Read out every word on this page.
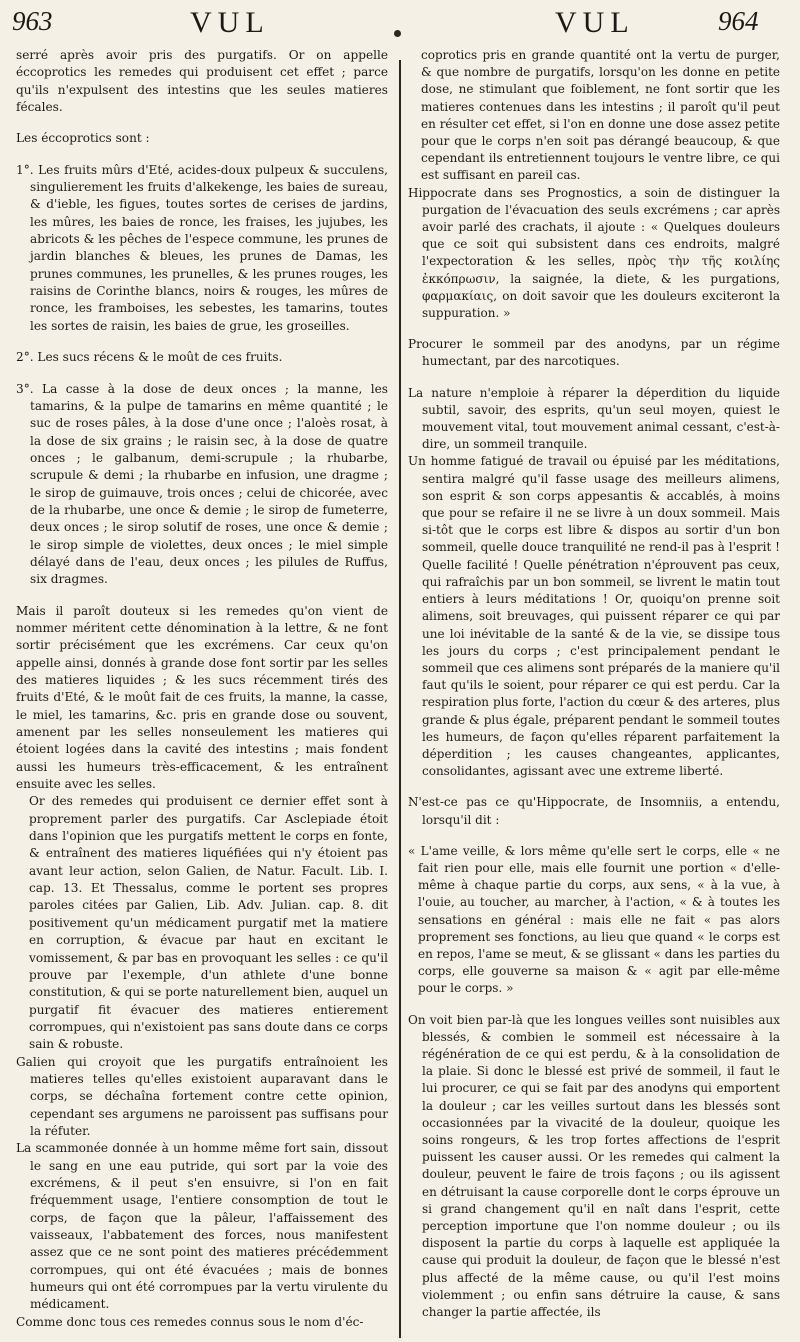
963	VUL	VUL	964

serré après avoir pris des purgatifs. Or on appelle éccoprotics les remedes qui produisent cet effet ; parce qu'ils n'expulsent des intestins que les seules matieres fécales.

Les éccoprotics sont :

1°. Les fruits mûrs d'Eté, acides-doux pulpeux & succulens, singulierement les fruits d'alkekenge, les baies de sureau, & d'ieble, les figues, toutes sortes de cerises de jardins, les mûres, les baies de ronce, les fraises, les jujubes, les abricots & les pêches de l'espece commune, les prunes de jardin blanches & bleues, les prunes de Damas, les prunes communes, les prunelles, & les prunes rouges, les raisins de Corinthe blancs, noirs & rouges, les mûres de ronce, les framboises, les sebestes, les tamarins, toutes les sortes de raisin, les baies de grue, les groseilles.

2°. Les sucs récens & le moût de ces fruits.

3°. La casse à la dose de deux onces ; la manne, les tamarins, & la pulpe de tamarins en même quantité ; le suc de roses pâles, à la dose d'une once ; l'aloès rosat, à la dose de six grains ; le raisin sec, à la dose de quatre onces ; le galbanum, demi-scrupule ; la rhubarbe, scrupule & demi ; la rhubarbe en infusion, une dragme ; le sirop de guimauve, trois onces ; celui de chicorée, avec de la rhubarbe, une once & demie ; le sirop de fumeterre, deux onces ; le sirop solutif de roses, une once & demie ; le sirop simple de violettes, deux onces ; le miel simple délayé dans de l'eau, deux onces ; les pilules de Ruffus, six dragmes.

Mais il paroît douteux si les remedes qu'on vient de nommer méritent cette dénomination à la lettre, & ne font sortir précisément que les excrémens. Car ceux qu'on appelle ainsi, donnés à grande dose font sortir par les selles des matieres liquides ; & les sucs récemment tirés des fruits d'Eté, & le moût fait de ces fruits, la manne, la casse, le miel, les tamarins, &c. pris en grande dose ou souvent, amenent par les selles nonseulement les matieres qui étoient logées dans la cavité des intestins ; mais fondent aussi les humeurs très-efficacement, & les entraînent ensuite avec les selles.

Or des remedes qui produisent ce dernier effet sont à proprement parler des purgatifs. Car Asclepiade étoit dans l'opinion que les purgatifs mettent le corps en fonte, & entraînent des matieres liquéfiées qui n'y étoient pas avant leur action, selon Galien, de Natur. Facult. Lib. I. cap. 13. Et Thessalus, comme le portent ses propres paroles citées par Galien, Lib. Adv. Julian. cap. 8. dit positivement qu'un médicament purgatif met la matiere en corruption, & évacue par haut en excitant le vomissement, & par bas en provoquant les selles : ce qu'il prouve par l'exemple, d'un athlete d'une bonne constitution, & qui se porte naturellement bien, auquel un purgatif fit évacuer des matieres entierement corrompues, qui n'existoient pas sans doute dans ce corps sain & robuste.

Galien qui croyoit que les purgatifs entraînoient les matieres telles qu'elles existoient auparavant dans le corps, se déchaîna fortement contre cette opinion, cependant ses argumens ne paroissent pas suffisans pour la réfuter.

La scammonée donnée à un homme même fort sain, dissout le sang en une eau putride, qui sort par la voie des excrémens, & il peut s'en ensuivre, si l'on en fait fréquemment usage, l'entiere consomption de tout le corps, de façon que la pâleur, l'affaissement des vaisseaux, l'abbatement des forces, nous manifestent assez que ce ne sont point des matieres précédemment corrompues, qui ont été évacuées ; mais de bonnes humeurs qui ont été corrompues par la vertu virulente du médicament.

Comme donc tous ces remedes connus sous le nom d'éc-

coprotics pris en grande quantité ont la vertu de purger, & que nombre de purgatifs, lorsqu'on les donne en petite dose, ne stimulant que foiblement, ne font sortir que les matieres contenues dans les intestins ; il paroît qu'il peut en résulter cet effet, si l'on en donne une dose assez petite pour que le corps n'en soit pas dérangé beaucoup, & que cependant ils entretiennent toujours le ventre libre, ce qui est suffisant en pareil cas.

Hippocrate dans ses Prognostics, a soin de distinguer la purgation de l'évacuation des seuls excrémens ; car après avoir parlé des crachats, il ajoute : « Quelques douleurs que ce soit qui subsistent dans ces endroits, malgré l'expectoration & les selles, πρὸς τὴν τῆς κοιλίης ἐκκόπρωσιν, la saignée, la diete, & les purgations, φαρμακίαις, on doit savoir que les douleurs exciteront la suppuration. »

Procurer le sommeil par des anodyns, par un régime humectant, par des narcotiques.

La nature n'emploie à réparer la déperdition du liquide subtil, savoir, des esprits, qu'un seul moyen, quiest le mouvement vital, tout mouvement animal cessant, c'est-à-dire, un sommeil tranquile.

Un homme fatigué de travail ou épuisé par les méditations, sentira malgré qu'il fasse usage des meilleurs alimens, son esprit & son corps appesantis & accablés, à moins que pour se refaire il ne se livre à un doux sommeil. Mais si-tôt que le corps est libre & dispos au sortir d'un bon sommeil, quelle douce tranquilité ne rend-il pas à l'esprit ! Quelle facilité ! Quelle pénétration n'éprouvent pas ceux, qui rafraîchis par un bon sommeil, se livrent le matin tout entiers à leurs méditations ! Or, quoiqu'on prenne soit alimens, soit breuvages, qui puissent réparer ce qui par une loi inévitable de la santé & de la vie, se dissipe tous les jours du corps ; c'est principalement pendant le sommeil que ces alimens sont préparés de la maniere qu'il faut qu'ils le soient, pour réparer ce qui est perdu. Car la respiration plus forte, l'action du cœur & des arteres, plus grande & plus égale, préparent pendant le sommeil toutes les humeurs, de façon qu'elles réparent parfaitement la déperdition ; les causes changeantes, applicantes, consolidantes, agissant avec une extreme liberté.

N'est-ce pas ce qu'Hippocrate, de Insomniis, a entendu, lorsqu'il dit :

« L'ame veille, & lors même qu'elle sert le corps, elle « ne fait rien pour elle, mais elle fournit une portion « d'elle-même à chaque partie du corps, aux sens, « à la vue, à l'ouie, au toucher, au marcher, à l'action, « & à toutes les sensations en général : mais elle ne fait « pas alors proprement ses fonctions, au lieu que quand « le corps est en repos, l'ame se meut, & se glissant « dans les parties du corps, elle gouverne sa maison & « agit par elle-même pour le corps. »

On voit bien par-là que les longues veilles sont nuisibles aux blessés, & combien le sommeil est nécessaire à la régénération de ce qui est perdu, & à la consolidation de la plaie. Si donc le blessé est privé de sommeil, il faut le lui procurer, ce qui se fait par des anodyns qui emportent la douleur ; car les veilles surtout dans les blessés sont occasionnées par la vivacité de la douleur, quoique les soins rongeurs, & les trop fortes affections de l'esprit puissent les causer aussi. Or les remedes qui calment la douleur, peuvent le faire de trois façons ; ou ils agissent en détruisant la cause corporelle dont le corps éprouve un si grand changement qu'il en naît dans l'esprit, cette perception importune que l'on nomme douleur ; ou ils disposent la partie du corps à laquelle est appliquée la cause qui produit la douleur, de façon que le blessé n'est plus affecté de la même cause, ou qu'il l'est moins violemment ; ou enfin sans détruire la cause, & sans changer la partie affectée, ils
